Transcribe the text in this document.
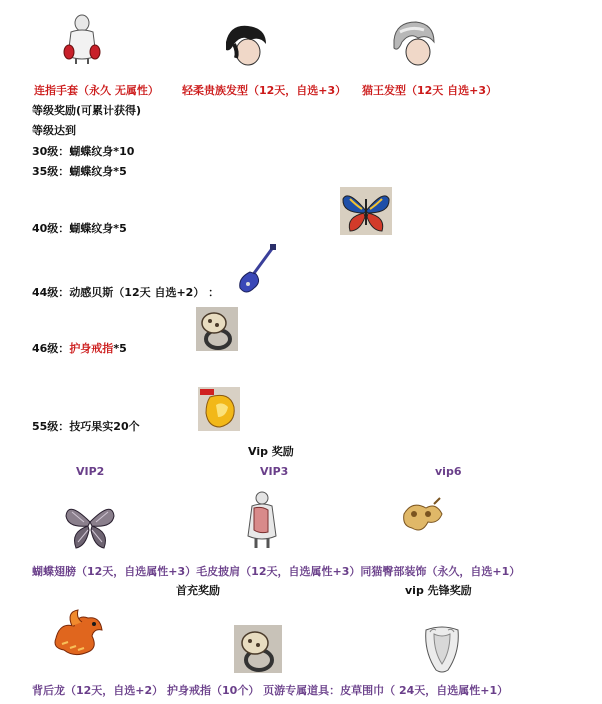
连指手套（永久 无属性） 轻柔贵族发型（12天，自选+3） 猫王发型（12天 自选+3）
等级奖励(可累计获得)
等级达到
30级：蝴蝶纹身*10
35级：蝴蝶纹身*5
40级：蝴蝶纹身*5
44级：动感贝斯（12天 自选+2） ：
46级：护身戒指*5
55级：技巧果实20个
Vip 奖励
VIP2	VIP3	vip6
蝴蝶翅膀（12天，自选属性+3）毛皮披肩（12天，自选属性+3）同猫臀部装饰（永久，自选+1）
首充奖励	vip 先锋奖励
背后龙（12天，自选+2） 护身戒指（10个） 页游专属道具：皮草围巾（ 24天，自选属性+1）
